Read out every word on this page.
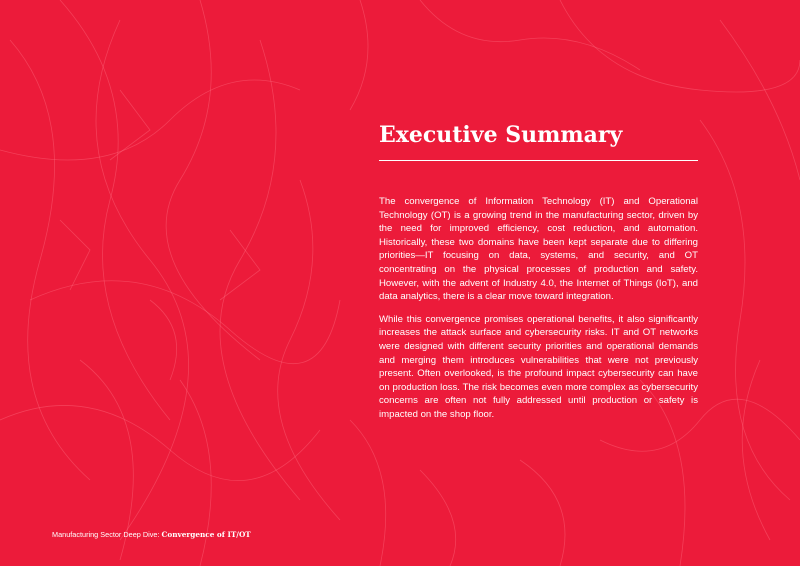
Executive Summary

The convergence of Information Technology (IT) and Operational Technology (OT) is a growing trend in the manufacturing sector, driven by the need for improved efficiency, cost reduction, and automation. Historically, these two domains have been kept separate due to differing priorities—IT focusing on data, systems, and security, and OT concentrating on the physical processes of production and safety. However, with the advent of Industry 4.0, the Internet of Things (IoT), and data analytics, there is a clear move toward integration.

While this convergence promises operational benefits, it also significantly increases the attack surface and cybersecurity risks. IT and OT networks were designed with different security priorities and operational demands and merging them introduces vulnerabilities that were not previously present. Often overlooked, is the profound impact cybersecurity can have on production loss. The risk becomes even more complex as cybersecurity concerns are often not fully addressed until production or safety is impacted on the shop floor.

Manufacturing Sector Deep Dive: Convergence of IT/OT
